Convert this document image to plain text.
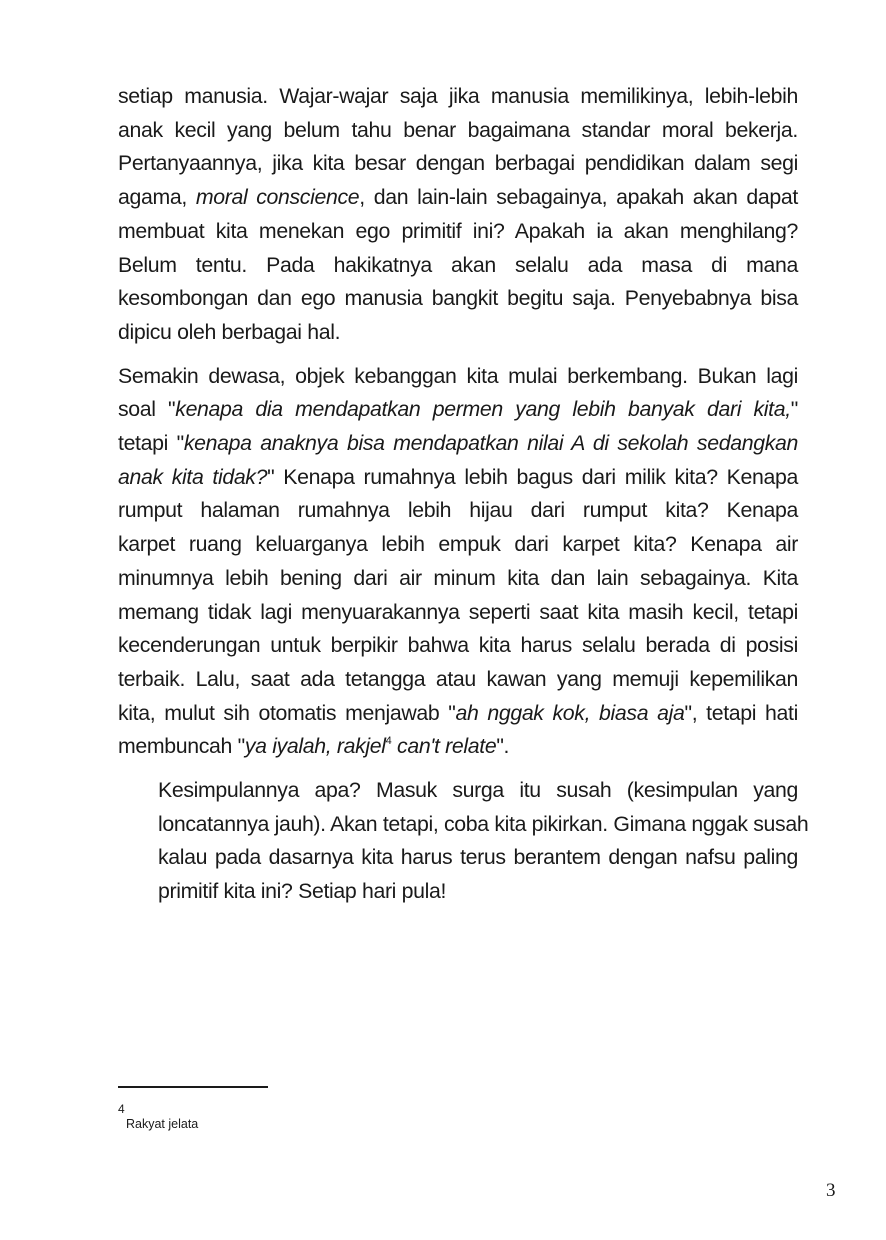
setiap manusia. Wajar-wajar saja jika manusia memilikinya, lebih-lebih
anak kecil yang belum tahu benar bagaimana standar moral bekerja.
Pertanyaannya, jika kita besar dengan berbagai pendidikan dalam segi
agama, moral conscience, dan lain-lain sebagainya, apakah akan dapat
membuat kita menekan ego primitif ini? Apakah ia akan menghilang?
Belum tentu. Pada hakikatnya akan selalu ada masa di mana
kesombongan dan ego manusia bangkit begitu saja. Penyebabnya bisa
dipicu oleh berbagai hal.

Semakin dewasa, objek kebanggan kita mulai berkembang. Bukan lagi
soal "kenapa dia mendapatkan permen yang lebih banyak dari kita,"
tetapi "kenapa anaknya bisa mendapatkan nilai A di sekolah sedangkan
anak kita tidak?" Kenapa rumahnya lebih bagus dari milik kita? Kenapa
rumput halaman rumahnya lebih hijau dari rumput kita? Kenapa
karpet ruang keluarganya lebih empuk dari karpet kita? Kenapa air
minumnya lebih bening dari air minum kita dan lain sebagainya. Kita
memang tidak lagi menyuarakannya seperti saat kita masih kecil, tetapi
kecenderungan untuk berpikir bahwa kita harus selalu berada di posisi
terbaik. Lalu, saat ada tetangga atau kawan yang memuji kepemilikan
kita, mulut sih otomatis menjawab "ah nggak kok, biasa aja", tetapi hati
membuncah "ya iyalah, rakjel$^4$ can't relate".

Kesimpulannya apa? Masuk surga itu susah (kesimpulan yang
loncatannya jauh). Akan tetapi, coba kita pikirkan. Gimana nggak susah
kalau pada dasarnya kita harus terus berantem dengan nafsu paling
primitif kita ini? Setiap hari pula!

4
Rakyat jelata
3
